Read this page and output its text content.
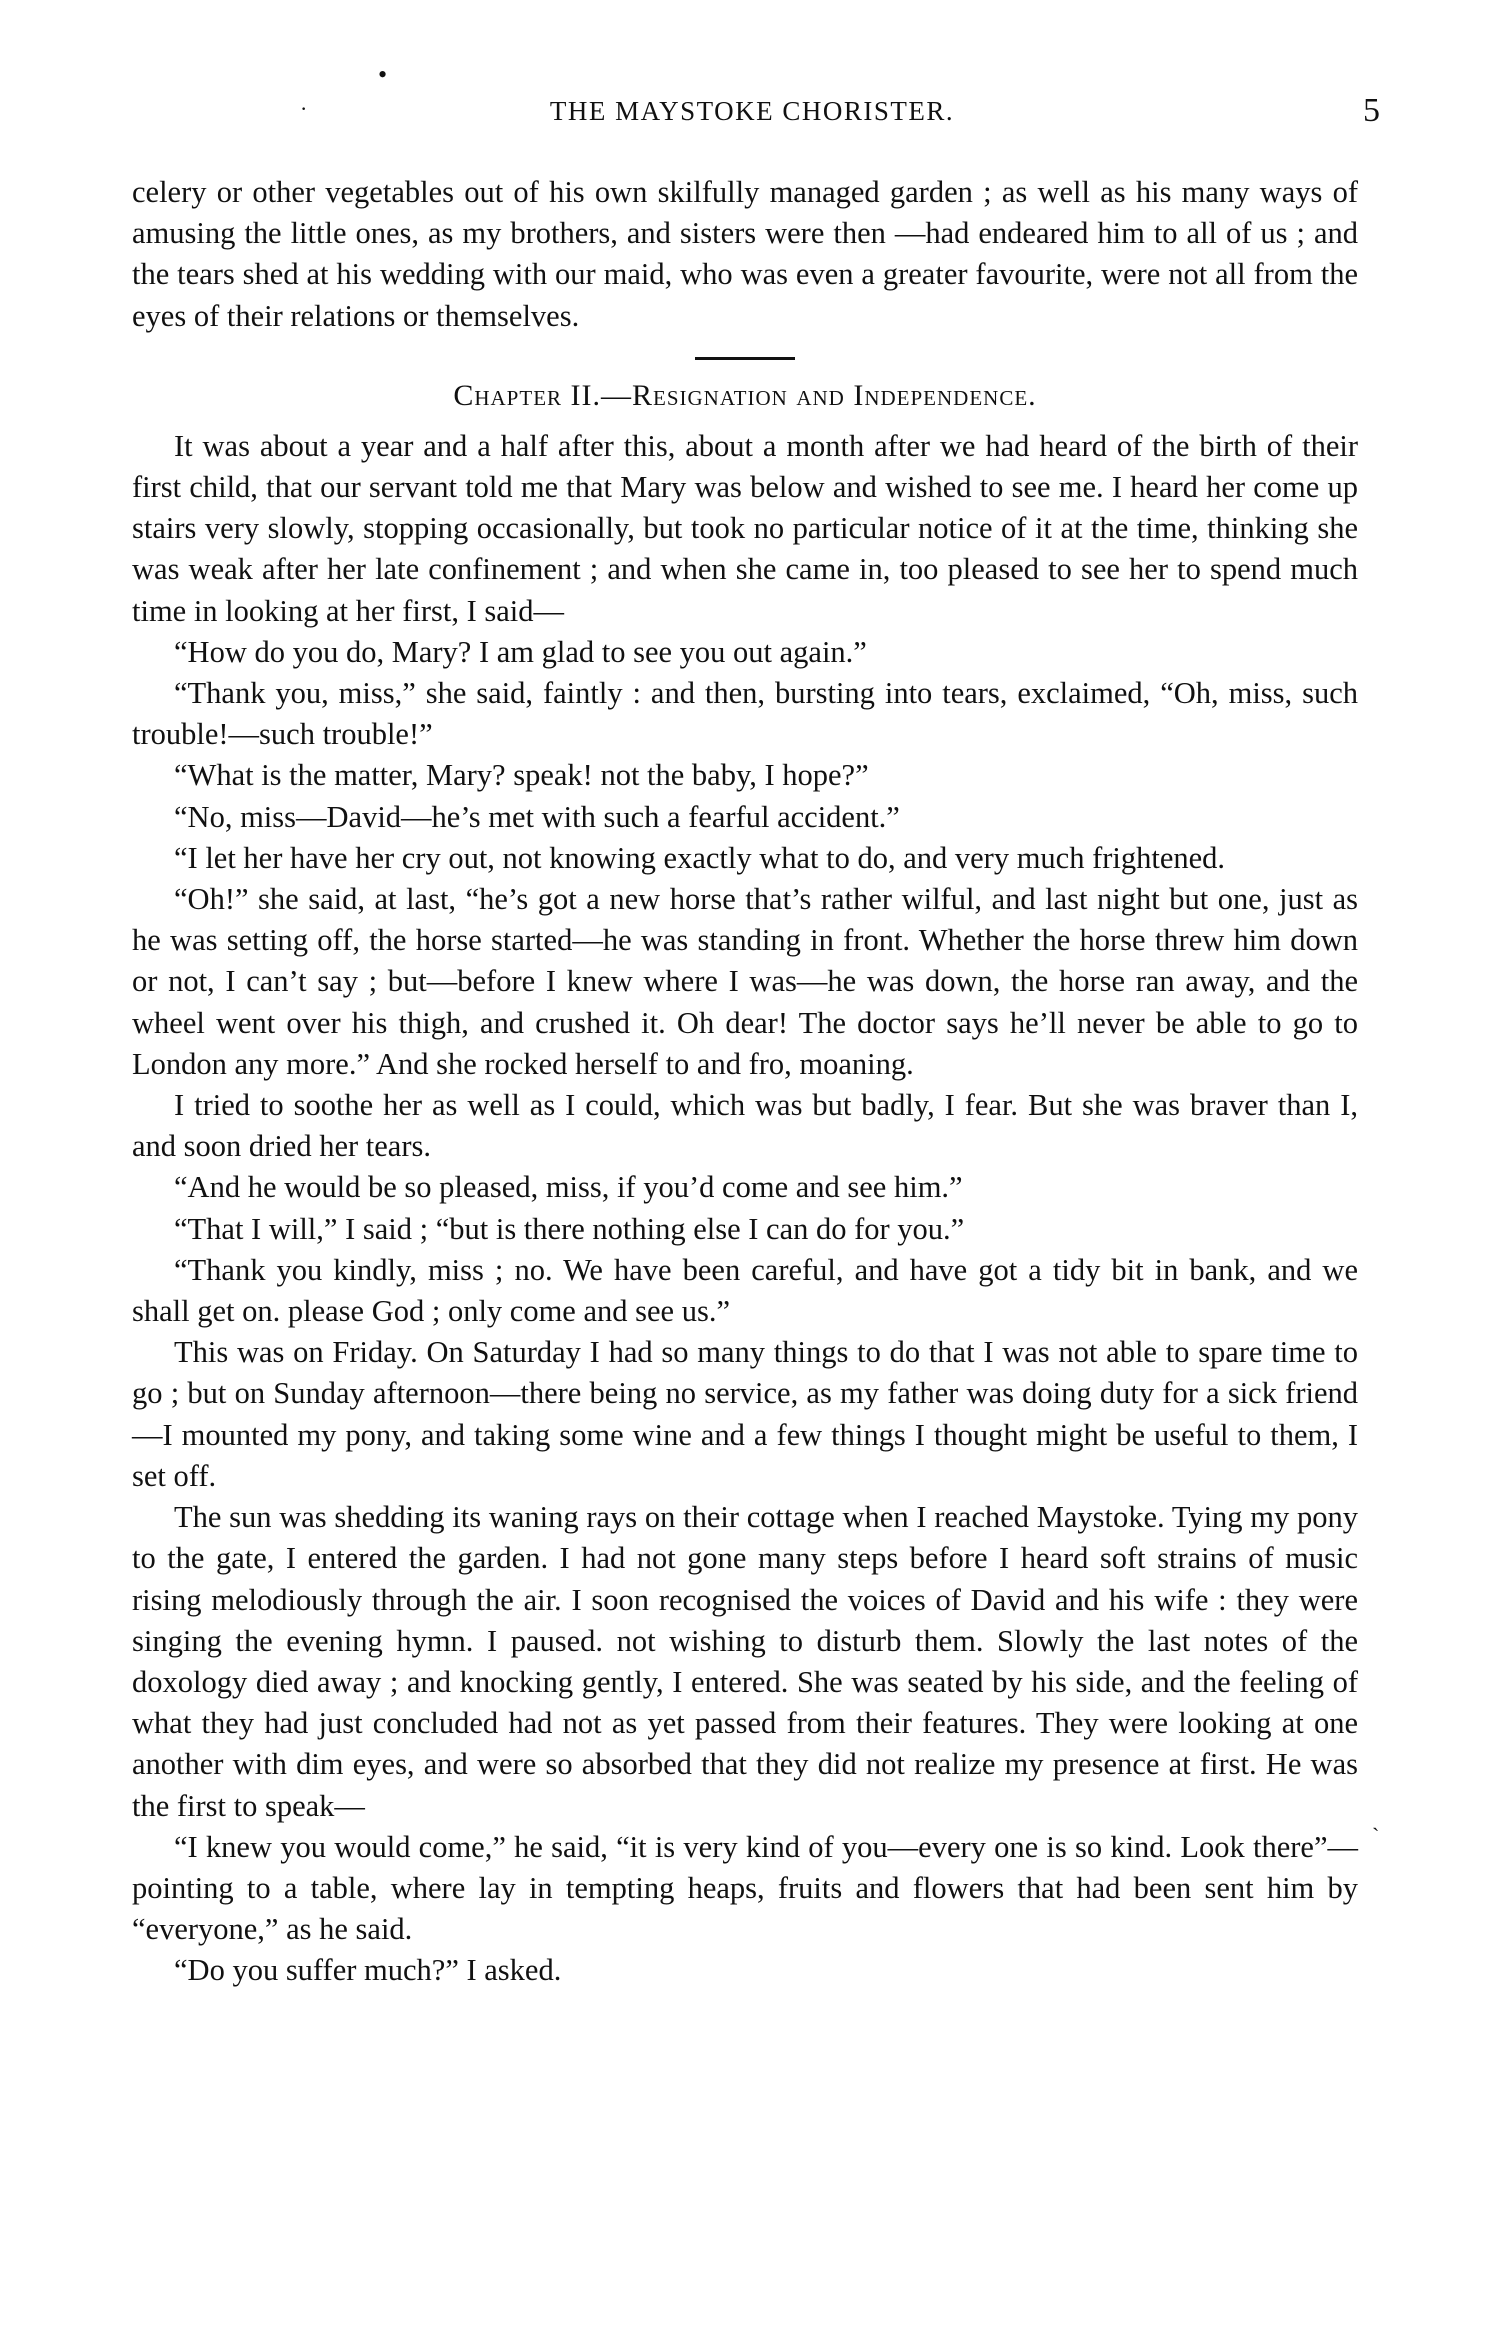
•
·
ˎ
THE MAYSTOKE CHORISTER.	5

celery or other vegetables out of his own skilfully managed garden ; as well as his many ways of amusing the little ones, as my brothers, and sisters were then —had endeared him to all of us ; and the tears shed at his wedding with our maid, who was even a greater favourite, were not all from the eyes of their relations or themselves.

Chapter II.—Resignation and Independence.

It was about a year and a half after this, about a month after we had heard of the birth of their first child, that our servant told me that Mary was below and wished to see me. I heard her come up stairs very slowly, stopping occasionally, but took no particular notice of it at the time, thinking she was weak after her late confinement ; and when she came in, too pleased to see her to spend much time in looking at her first, I said—

“How do you do, Mary? I am glad to see you out again.”

“Thank you, miss,” she said, faintly : and then, bursting into tears, exclaimed, “Oh, miss, such trouble!—such trouble!”

“What is the matter, Mary? speak! not the baby, I hope?”

“No, miss—David—he’s met with such a fearful accident.”

“I let her have her cry out, not knowing exactly what to do, and very much frightened.

“Oh!” she said, at last, “he’s got a new horse that’s rather wilful, and last night but one, just as he was setting off, the horse started—he was standing in front. Whether the horse threw him down or not, I can’t say ; but—before I knew where I was—he was down, the horse ran away, and the wheel went over his thigh, and crushed it. Oh dear! The doctor says he’ll never be able to go to London any more.” And she rocked herself to and fro, moaning.

I tried to soothe her as well as I could, which was but badly, I fear. But she was braver than I, and soon dried her tears.

“And he would be so pleased, miss, if you’d come and see him.”

“That I will,” I said ; “but is there nothing else I can do for you.”

“Thank you kindly, miss ; no. We have been careful, and have got a tidy bit in bank, and we shall get on. please God ; only come and see us.”

This was on Friday. On Saturday I had so many things to do that I was not able to spare time to go ; but on Sunday afternoon—there being no service, as my father was doing duty for a sick friend—I mounted my pony, and taking some wine and a few things I thought might be useful to them, I set off.

The sun was shedding its waning rays on their cottage when I reached Maystoke. Tying my pony to the gate, I entered the garden. I had not gone many steps before I heard soft strains of music rising melodiously through the air. I soon recognised the voices of David and his wife : they were singing the evening hymn. I paused. not wishing to disturb them. Slowly the last notes of the doxology died away ; and knocking gently, I entered. She was seated by his side, and the feeling of what they had just concluded had not as yet passed from their features. They were looking at one another with dim eyes, and were so absorbed that they did not realize my presence at first. He was the first to speak—

“I knew you would come,” he said, “it is very kind of you—every one is so kind. Look there”—pointing to a table, where lay in tempting heaps, fruits and flowers that had been sent him by “everyone,” as he said.

“Do you suffer much?” I asked.
